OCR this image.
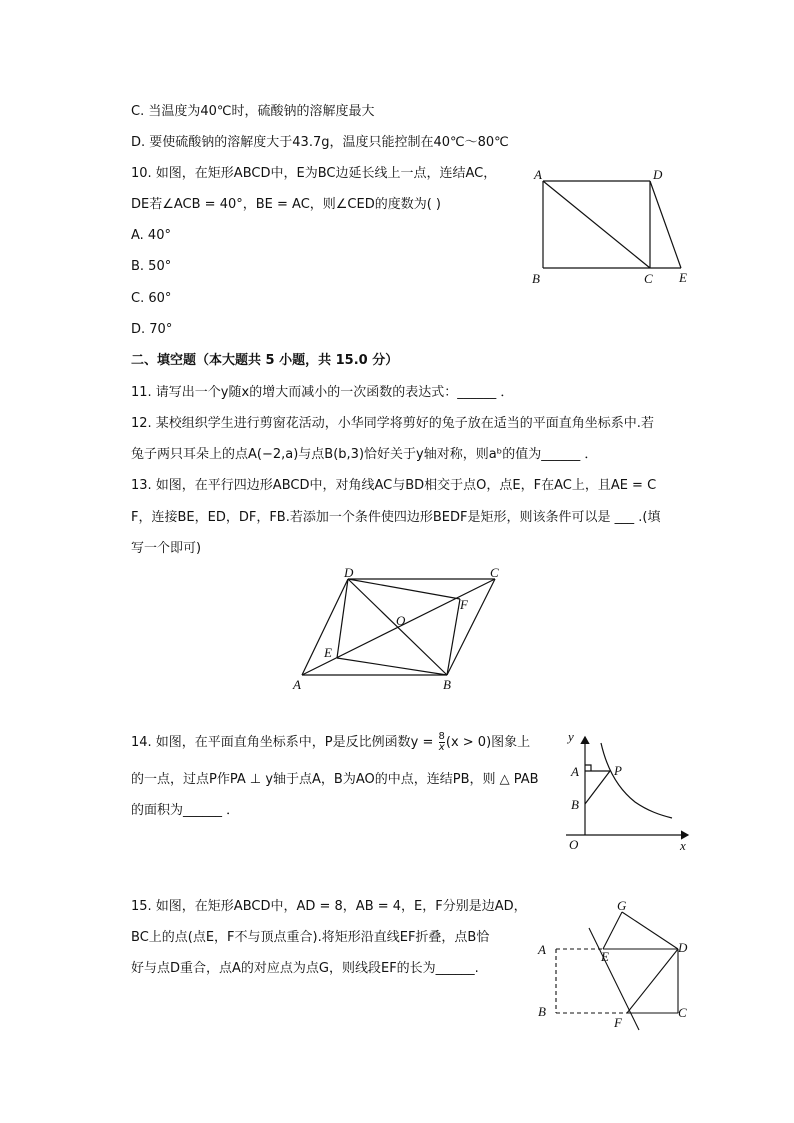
C. 当温度为40℃时，硫酸钠的溶解度最大
D. 要使硫酸钠的溶解度大于43.7g，温度只能控制在40℃～80℃
10. 如图，在矩形ABCD中，E为BC边延长线上一点，连结AC，
DE若∠ACB = 40°，BE = AC，则∠CED的度数为( )
A. 40°
B. 50°
C. 60°
D. 70°
A	D
B	C E
二、填空题（本大题共 5 小题，共 15.0 分）
11. 请写出一个y随x的增大而减小的一次函数的表达式：______ ．
12. 某校组织学生进行剪窗花活动，小华同学将剪好的兔子放在适当的平面直角坐标系中.若
兔子两只耳朵上的点A(−2,a)与点B(b,3)恰好关于y轴对称，则aᵇ的值为______ ．
13. 如图，在平行四边形ABCD中，对角线AC与BD相交于点O，点E，F在AC上，且AE = C
F，连接BE，ED，DF，FB.若添加一个条件使四边形BEDF是矩形，则该条件可以是 ___ .(填
写一个即可)
D	C
F
O
E
A	B
14. 如图，在平面直角坐标系中，P是反比例函数$y = \frac{8}{x} (x > 0)$图象上
的一点，过点P作PA ⊥ y轴于点A，B为AO的中点，连结PB，则 △ PAB
的面积为______ ．
y
x
A	P
B
O
15. 如图，在矩形ABCD中，AD = 8，AB = 4，E，F分别是边AD，
BC上的点(点E，F不与顶点重合).将矩形沿直线EF折叠，点B恰
好与点D重合，点A的对应点为点G，则线段EF的长为______.
G
A	E
D
B
F
C
